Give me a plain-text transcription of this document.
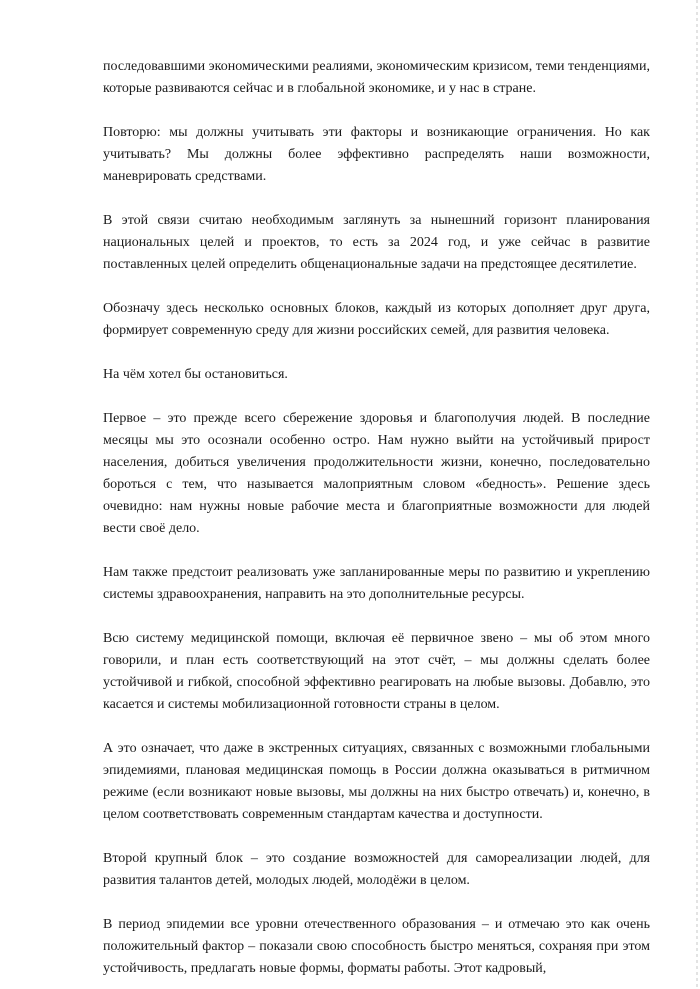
последовавшими экономическими реалиями, экономическим кризисом, теми тенденциями, которые развиваются сейчас и в глобальной экономике, и у нас в стране.

Повторю: мы должны учитывать эти факторы и возникающие ограничения. Но как учитывать? Мы должны более эффективно распределять наши возможности, маневрировать средствами.

В этой связи считаю необходимым заглянуть за нынешний горизонт планирования национальных целей и проектов, то есть за 2024 год, и уже сейчас в развитие поставленных целей определить общенациональные задачи на предстоящее десятилетие.

Обозначу здесь несколько основных блоков, каждый из которых дополняет друг друга, формирует современную среду для жизни российских семей, для развития человека.

На чём хотел бы остановиться.

Первое – это прежде всего сбережение здоровья и благополучия людей. В последние месяцы мы это осознали особенно остро. Нам нужно выйти на устойчивый прирост населения, добиться увеличения продолжительности жизни, конечно, последовательно бороться с тем, что называется малоприятным словом «бедность». Решение здесь очевидно: нам нужны новые рабочие места и благоприятные возможности для людей вести своё дело.

Нам также предстоит реализовать уже запланированные меры по развитию и укреплению системы здравоохранения, направить на это дополнительные ресурсы.

Всю систему медицинской помощи, включая её первичное звено – мы об этом много говорили, и план есть соответствующий на этот счёт, – мы должны сделать более устойчивой и гибкой, способной эффективно реагировать на любые вызовы. Добавлю, это касается и системы мобилизационной готовности страны в целом.

А это означает, что даже в экстренных ситуациях, связанных с возможными глобальными эпидемиями, плановая медицинская помощь в России должна оказываться в ритмичном режиме (если возникают новые вызовы, мы должны на них быстро отвечать) и, конечно, в целом соответствовать современным стандартам качества и доступности.

Второй крупный блок – это создание возможностей для самореализации людей, для развития талантов детей, молодых людей, молодёжи в целом.

В период эпидемии все уровни отечественного образования – и отмечаю это как очень положительный фактор – показали свою способность быстро меняться, сохраняя при этом устойчивость, предлагать новые формы, форматы работы. Этот кадровый,
